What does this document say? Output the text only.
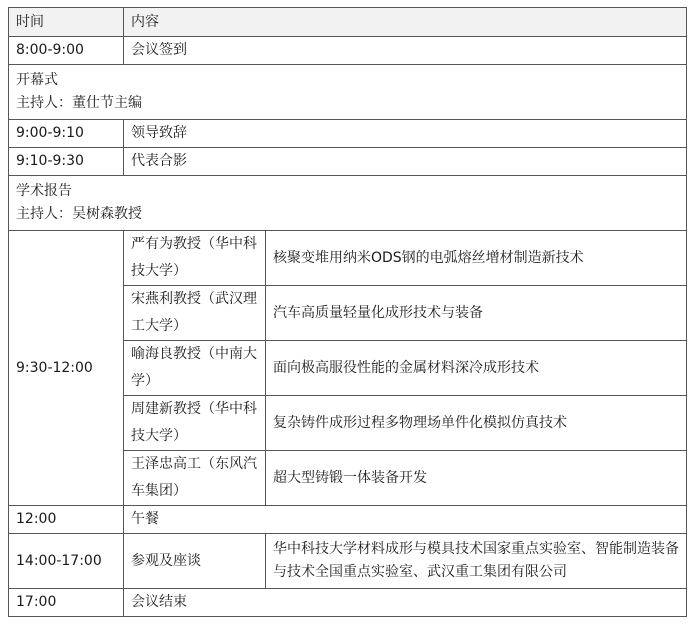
时间	内容	
8:00-9:00	会议签到	

开幕式
主持人：董仕节主编		

9:00-9:10	领导致辞	
9:10-9:30	代表合影	

学术报告
主持人：吴树森教授		

9:30-12:00	严有为教授（华中科技大学）	核聚变堆用纳米ODS钢的电弧熔丝增材制造新技术
	宋燕利教授（武汉理工大学）	汽车高质量轻量化成形技术与装备
	喻海良教授（中南大学）	面向极高服役性能的金属材料深冷成形技术
	周建新教授（华中科技大学）	复杂铸件成形过程多物理场单件化模拟仿真技术
	王泽忠高工（东风汽车集团）	超大型铸锻一体装备开发
12:00	午餐	
14:00-17:00	参观及座谈	华中科技大学材料成形与模具技术国家重点实验室、智能制造装备与技术全国重点实验室、武汉重工集团有限公司
17:00	会议结束	
